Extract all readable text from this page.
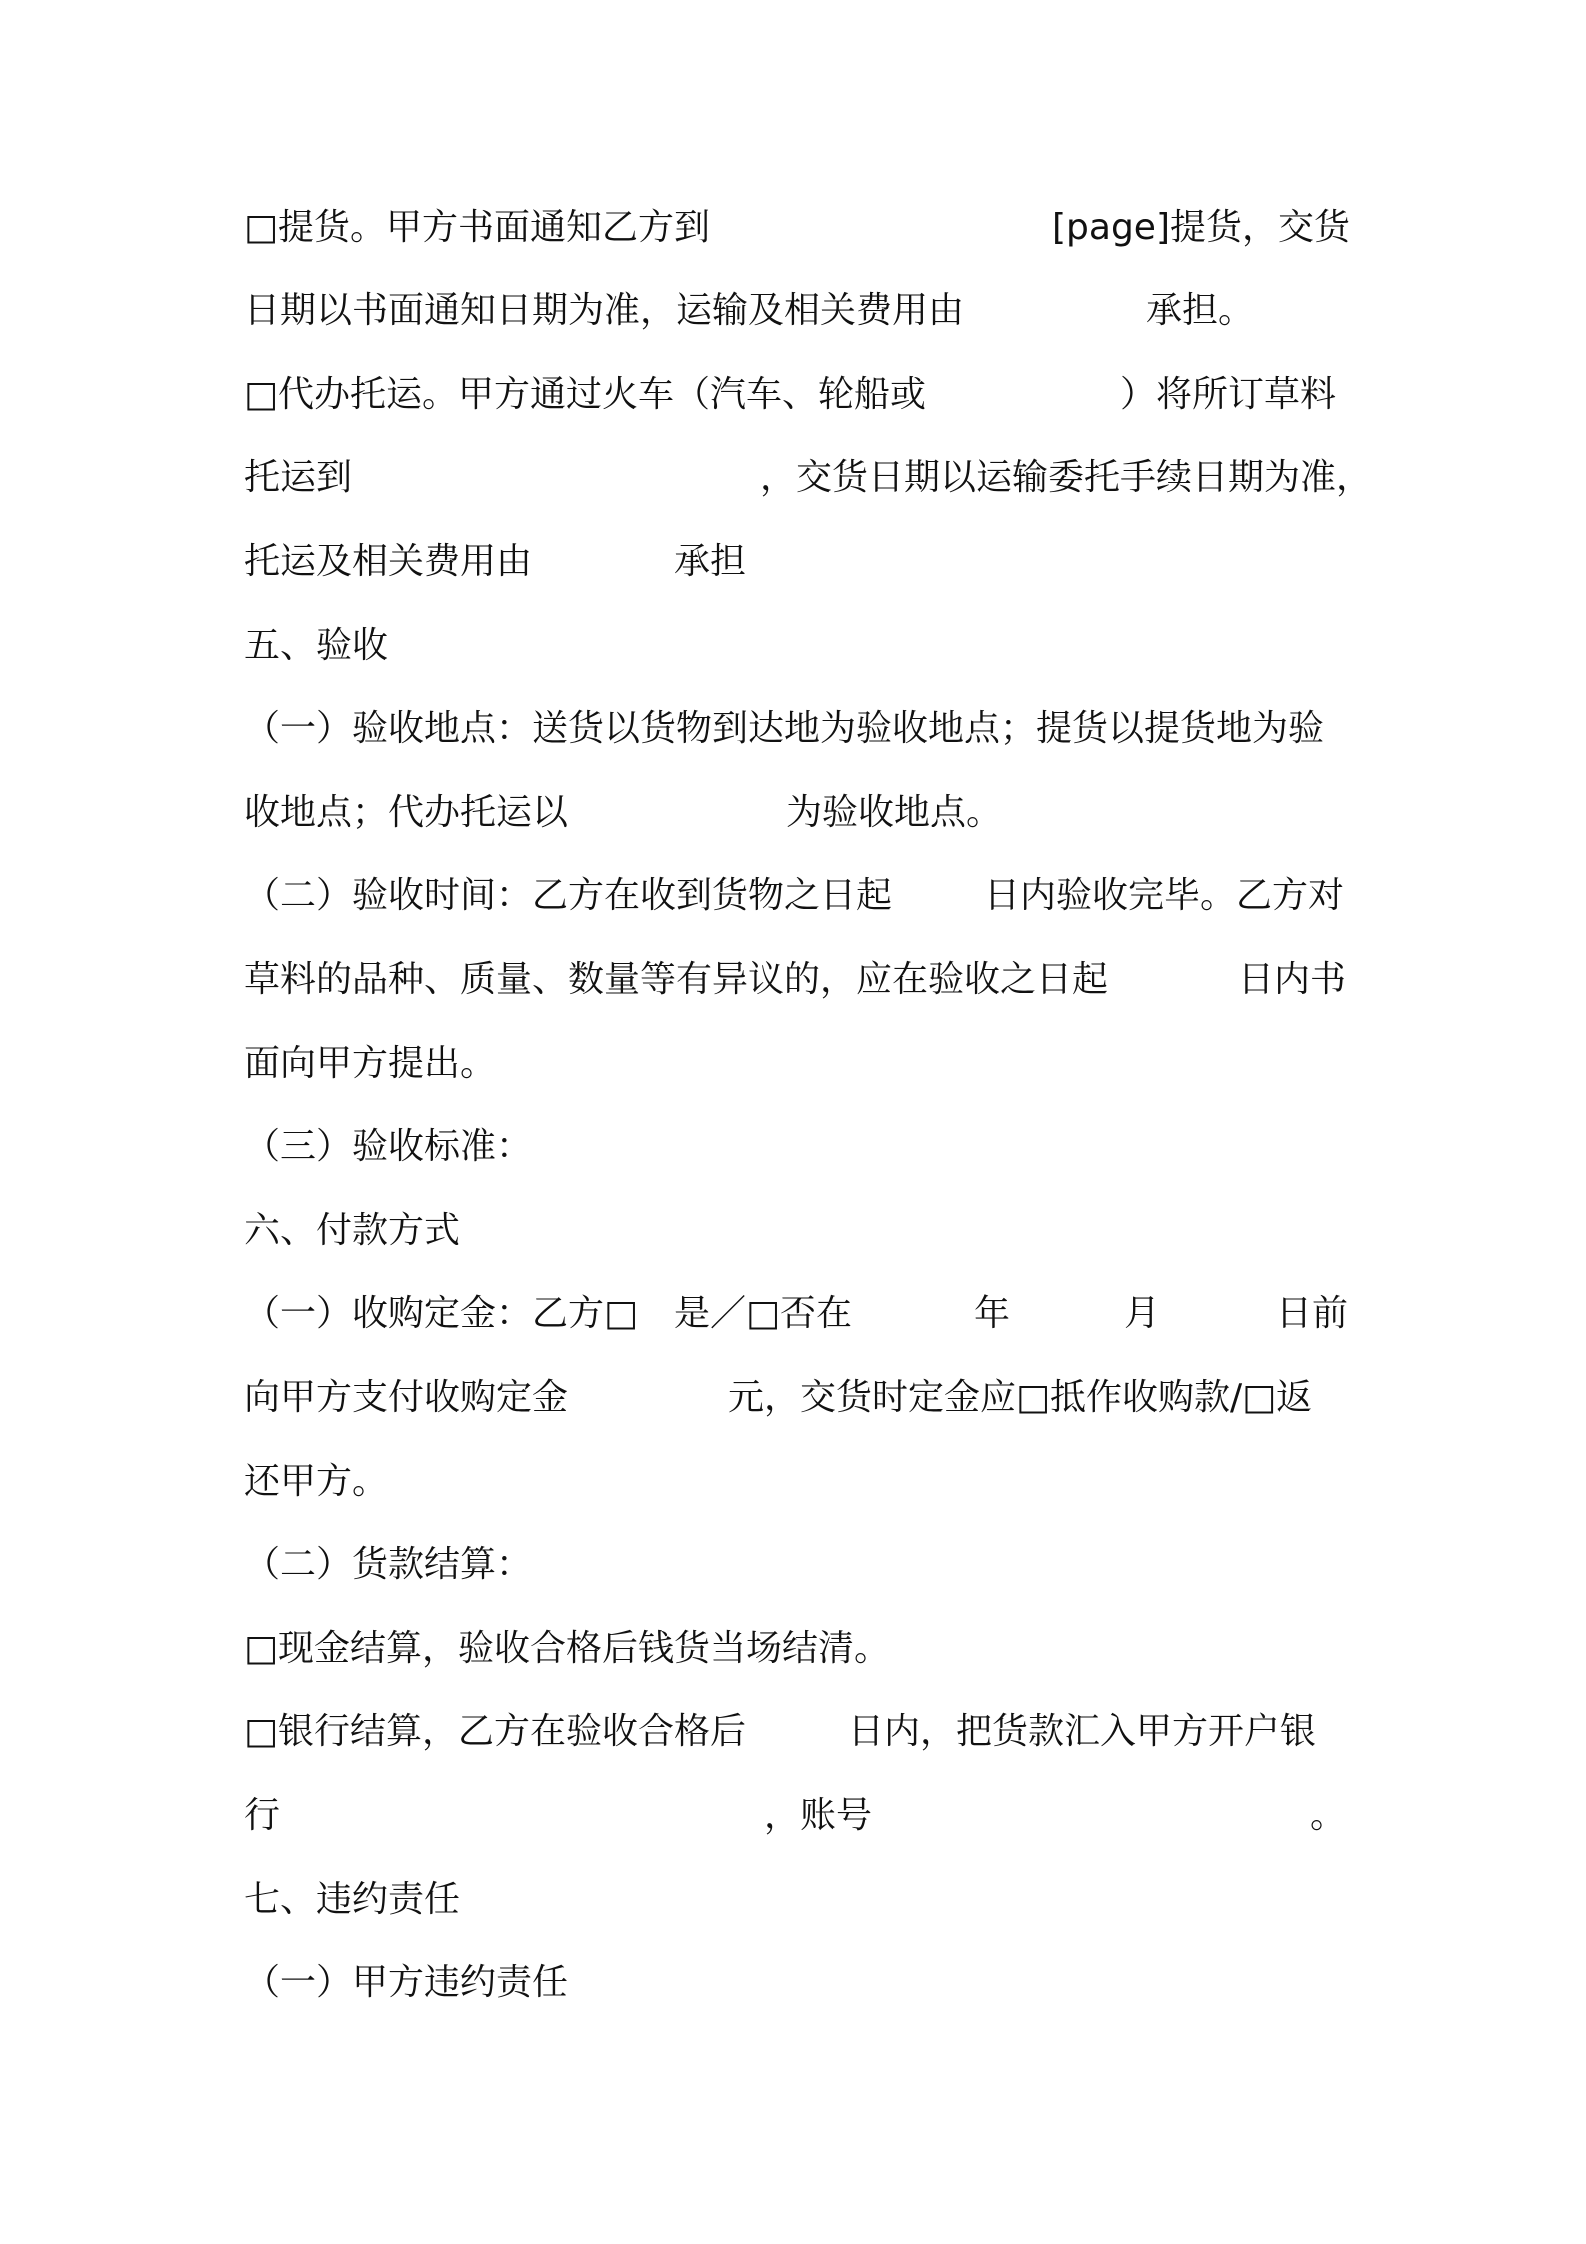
□提货。甲方书面通知乙方到	[page]提货，交货
日期以书面通知日期为准，运输及相关费用由	承担。
□代办托运。甲方通过火车（汽车、轮船或	）将所订草料
托运到	，交货日期以运输委托手续日期为准，
托运及相关费用由	承担
五、验收
（一）验收地点：送货以货物到达地为验收地点；提货以提货地为验
收地点；代办托运以	为验收地点。
（二）验收时间：乙方在收到货物之日起	日内验收完毕。乙方对
草料的品种、质量、数量等有异议的，应在验收之日起	日内书
面向甲方提出。
（三）验收标准：
六、付款方式
（一）收购定金：乙方□ 是／□否在	年	月	日前
向甲方支付收购定金	元，交货时定金应□抵作收购款/□返
还甲方。
（二）货款结算：
□现金结算，验收合格后钱货当场结清。
□银行结算，乙方在验收合格后	日内，把货款汇入甲方开户银
行	，账号	。
七、违约责任
（一）甲方违约责任
